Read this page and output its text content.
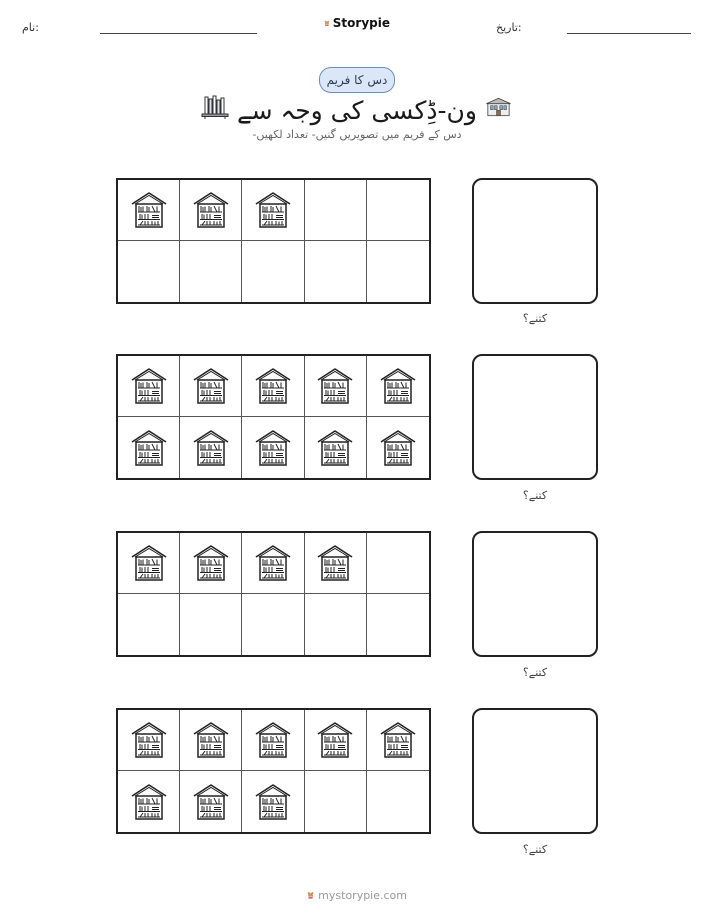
نام:	Storypie	تاریخ:
دس کا فریم
ون-ڈِکسی کی وجہ سے
دس کے فریم میں تصویریں گنیں- تعداد لکھیں-
کتنے؟
کتنے؟
کتنے؟
کتنے؟
mystorypie.com
